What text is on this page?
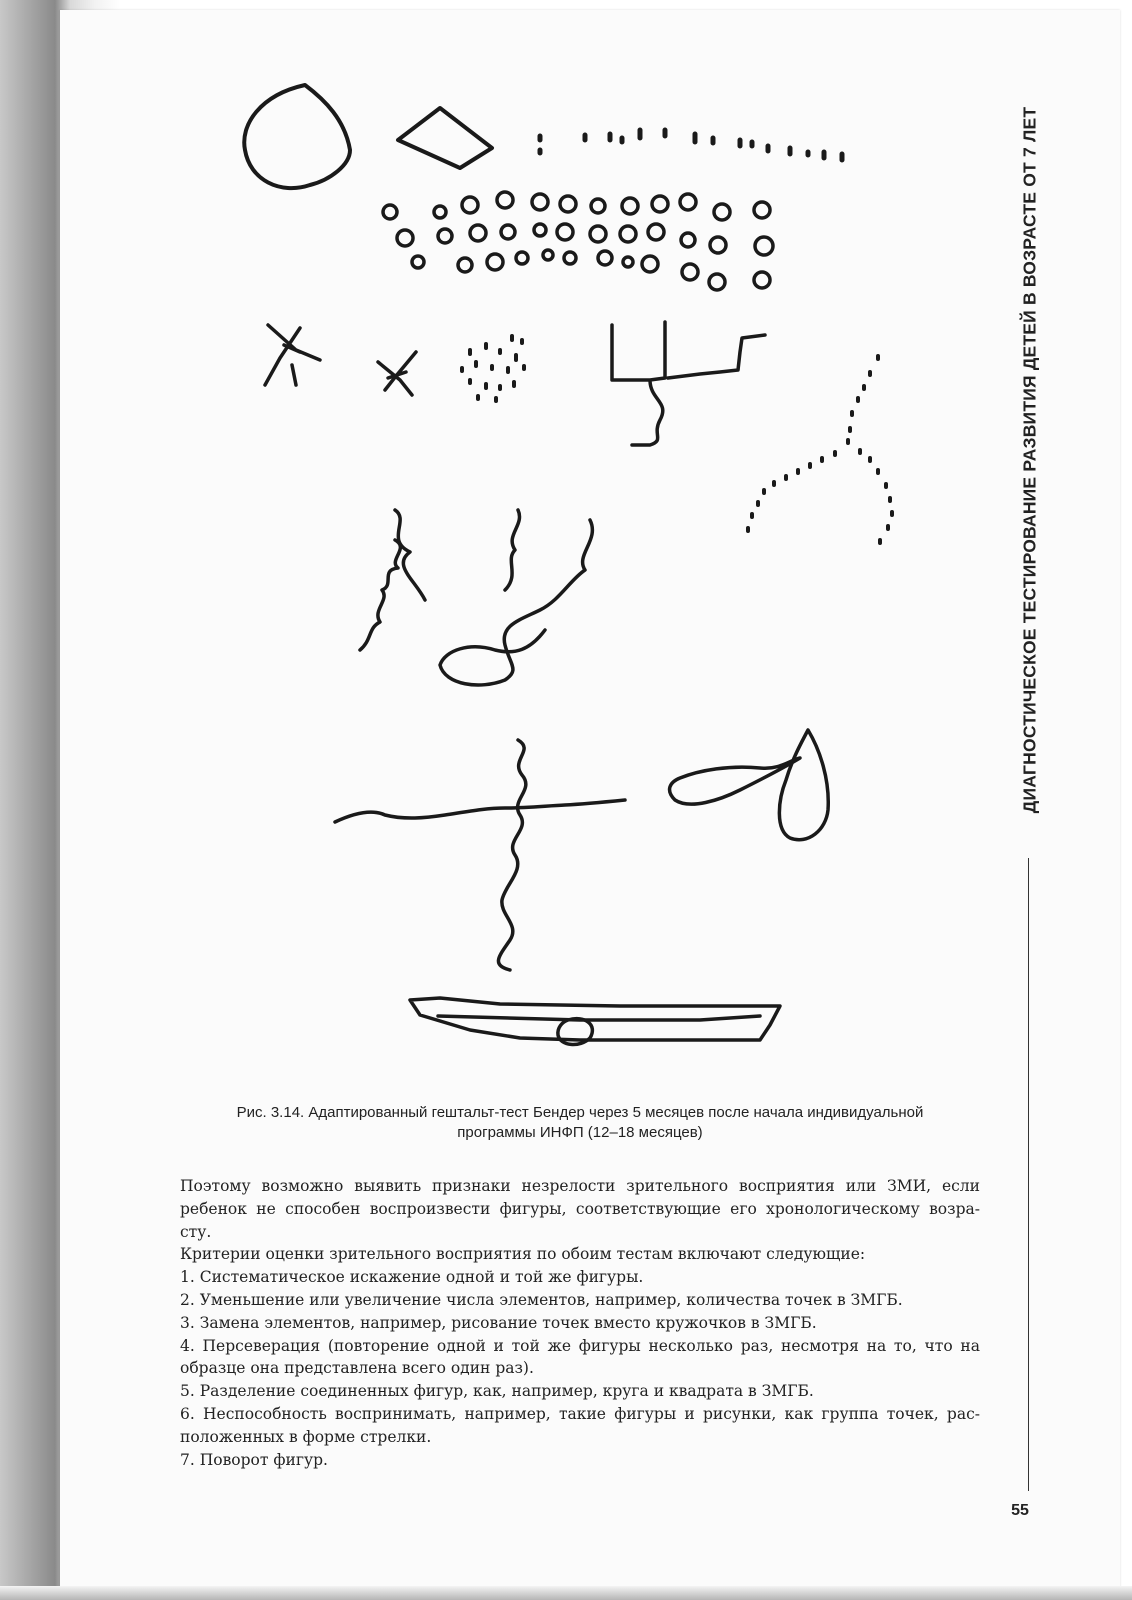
Рис. 3.14. Адаптированный гештальт-тест Бендер через 5 месяцев после начала индивидуальной
программы ИНФП (12–18 месяцев)
Поэтому возможно выявить признаки незрелости зрительного восприятия или ЗМИ, если
ребенок не способен воспроизвести фигуры, соответствующие его хронологическому возра-
сту.
Критерии оценки зрительного восприятия по обоим тестам включают следующие:
1. Систематическое искажение одной и той же фигуры.
2. Уменьшение или увеличение числа элементов, например, количества точек в ЗМГБ.
3. Замена элементов, например, рисование точек вместо кружочков в ЗМГБ.
4. Персеверация (повторение одной и той же фигуры несколько раз, несмотря на то, что на
образце она представлена всего один раз).
5. Разделение соединенных фигур, как, например, круга и квадрата в ЗМГБ.
6. Неспособность воспринимать, например, такие фигуры и рисунки, как группа точек, рас-
положенных в форме стрелки.
7. Поворот фигур.
ДИАГНОСТИЧЕСКОЕ ТЕСТИРОВАНИЕ РАЗВИТИЯ ДЕТЕЙ В ВОЗРАСТЕ ОТ 7 ЛЕТ
55
